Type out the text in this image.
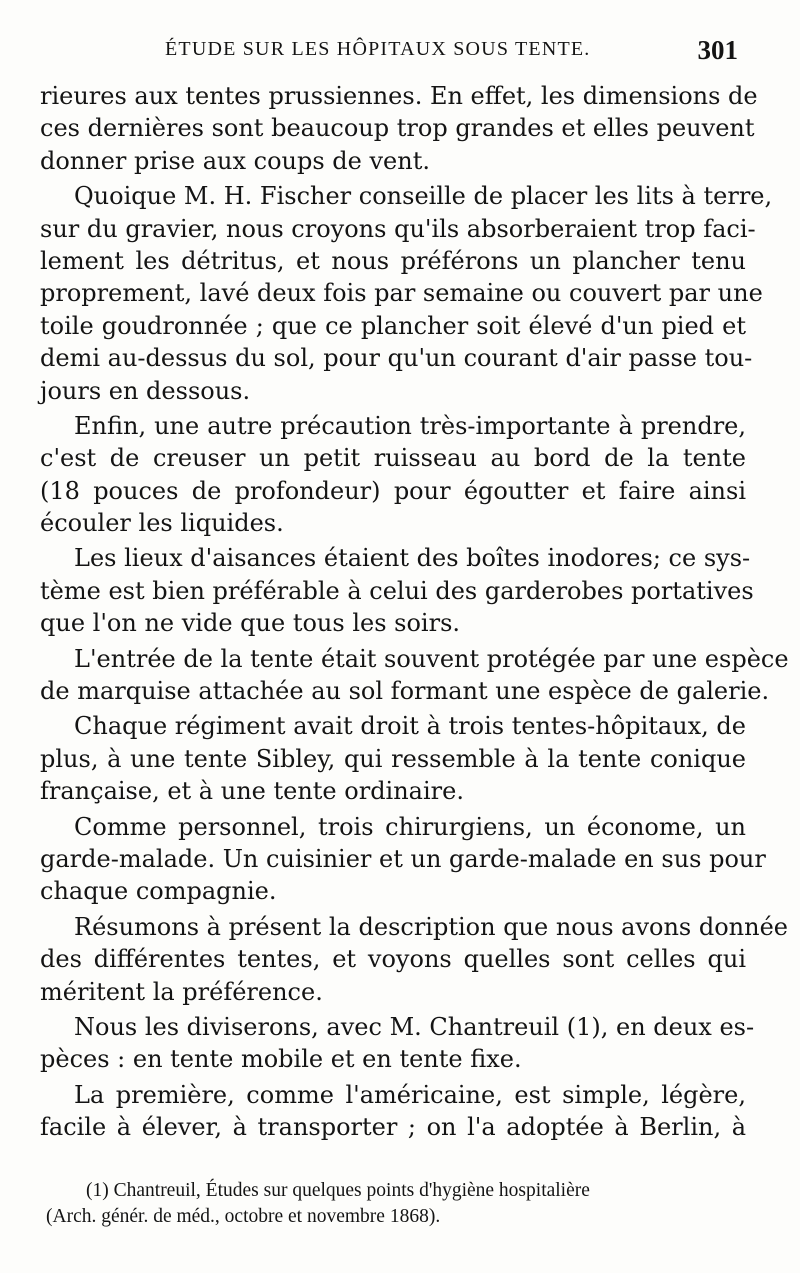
ÉTUDE SUR LES HÔPITAUX SOUS TENTE.	301
rieures aux tentes prussiennes. En effet, les dimensions de
ces dernières sont beaucoup trop grandes et elles peuvent
donner prise aux coups de vent.
Quoique M. H. Fischer conseille de placer les lits à terre,
sur du gravier, nous croyons qu'ils absorberaient trop faci-
lement les détritus, et nous préférons un plancher tenu
proprement, lavé deux fois par semaine ou couvert par une
toile goudronnée ; que ce plancher soit élevé d'un pied et
demi au-dessus du sol, pour qu'un courant d'air passe tou-
jours en dessous.
Enfin, une autre précaution très-importante à prendre,
c'est de creuser un petit ruisseau au bord de la tente
(18 pouces de profondeur) pour égoutter et faire ainsi
écouler les liquides.
Les lieux d'aisances étaient des boîtes inodores; ce sys-
tème est bien préférable à celui des garderobes portatives
que l'on ne vide que tous les soirs.
L'entrée de la tente était souvent protégée par une espèce
de marquise attachée au sol formant une espèce de galerie.
Chaque régiment avait droit à trois tentes-hôpitaux, de
plus, à une tente Sibley, qui ressemble à la tente conique
française, et à une tente ordinaire.
Comme personnel, trois chirurgiens, un économe, un
garde-malade. Un cuisinier et un garde-malade en sus pour
chaque compagnie.
Résumons à présent la description que nous avons donnée
des différentes tentes, et voyons quelles sont celles qui
méritent la préférence.
Nous les diviserons, avec M. Chantreuil (1), en deux es-
pèces : en tente mobile et en tente fixe.
La première, comme l'américaine, est simple, légère,
facile à élever, à transporter ; on l'a adoptée à Berlin, à
(1) Chantreuil, Études sur quelques points d'hygiène hospitalière
(Arch. génér. de méd., octobre et novembre 1868).
